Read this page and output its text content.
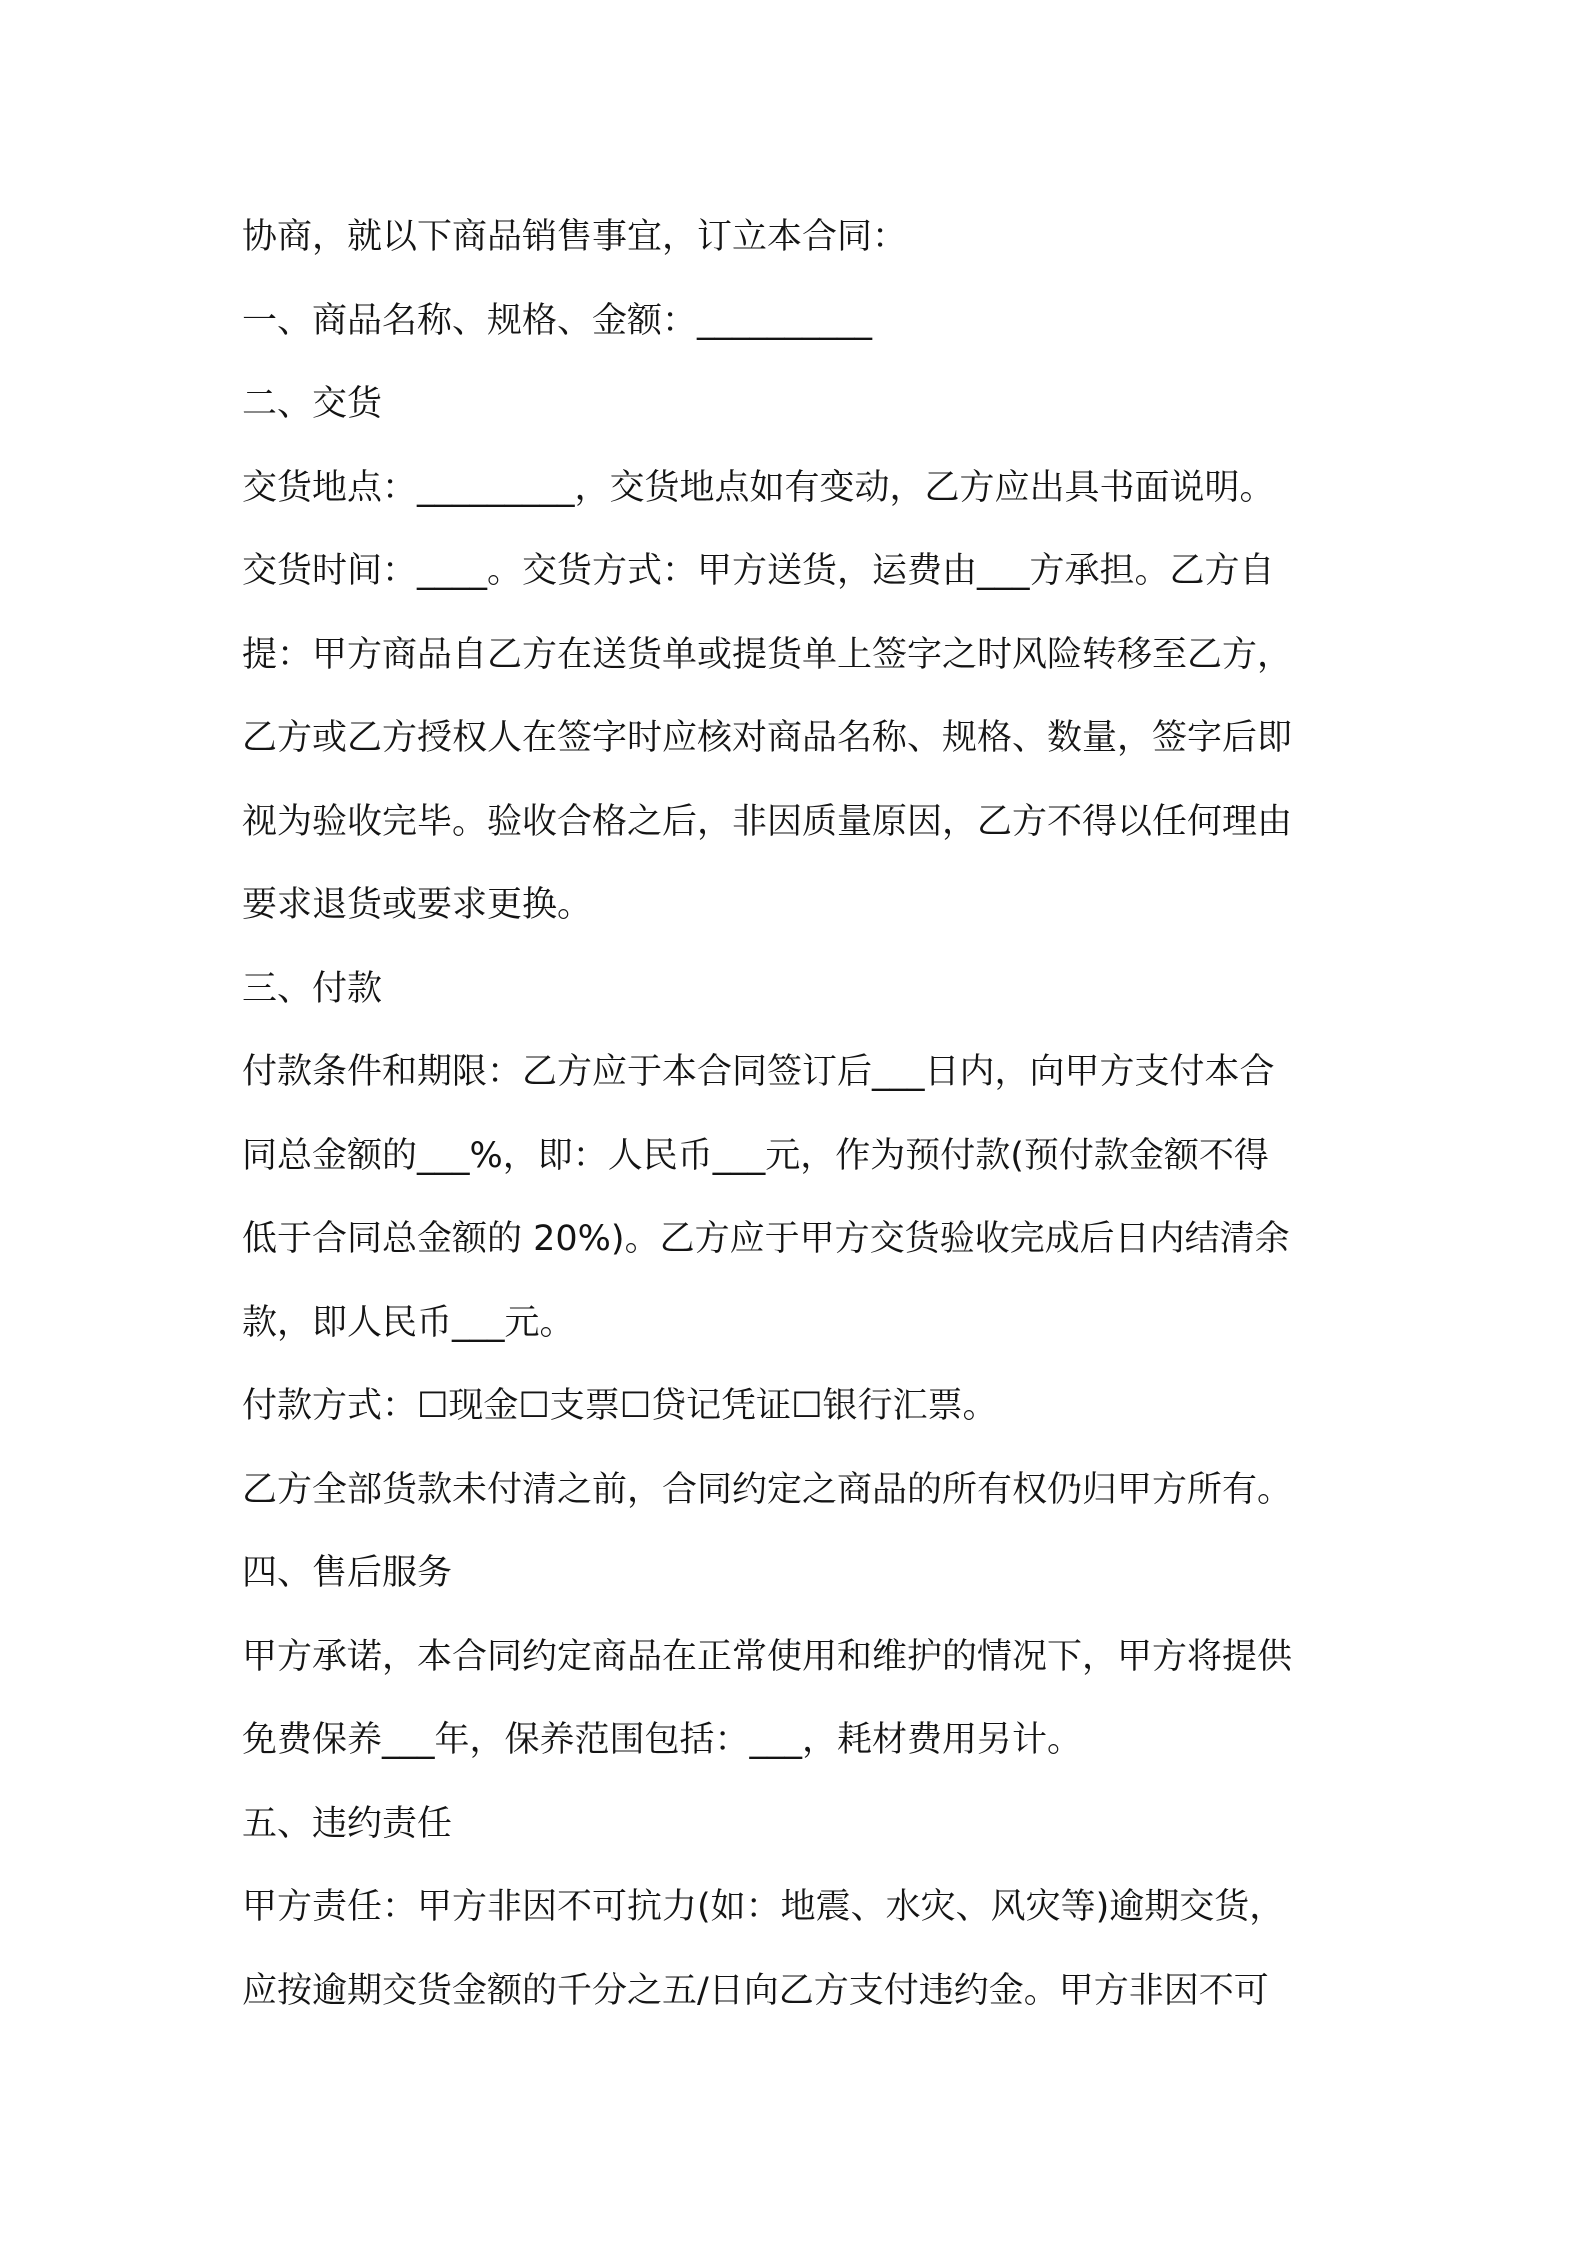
协商，就以下商品销售事宜，订立本合同：

一、商品名称、规格、金额：__________

二、交货

交货地点：_________，交货地点如有变动，乙方应出具书面说明。

交货时间：____。交货方式：甲方送货，运费由___方承担。乙方自

提：甲方商品自乙方在送货单或提货单上签字之时风险转移至乙方，

乙方或乙方授权人在签字时应核对商品名称、规格、数量，签字后即

视为验收完毕。验收合格之后，非因质量原因，乙方不得以任何理由

要求退货或要求更换。

三、付款

付款条件和期限：乙方应于本合同签订后___日内，向甲方支付本合

同总金额的___%，即：人民币___元，作为预付款(预付款金额不得

低于合同总金额的 20%)。乙方应于甲方交货验收完成后日内结清余

款，即人民币___元。

付款方式：☐现金☐支票☐贷记凭证☐银行汇票。

乙方全部货款未付清之前，合同约定之商品的所有权仍归甲方所有。

四、售后服务

甲方承诺，本合同约定商品在正常使用和维护的情况下，甲方将提供

免费保养___年，保养范围包括：___，耗材费用另计。

五、违约责任

甲方责任：甲方非因不可抗力(如：地震、水灾、风灾等)逾期交货，

应按逾期交货金额的千分之五/日向乙方支付违约金。甲方非因不可
